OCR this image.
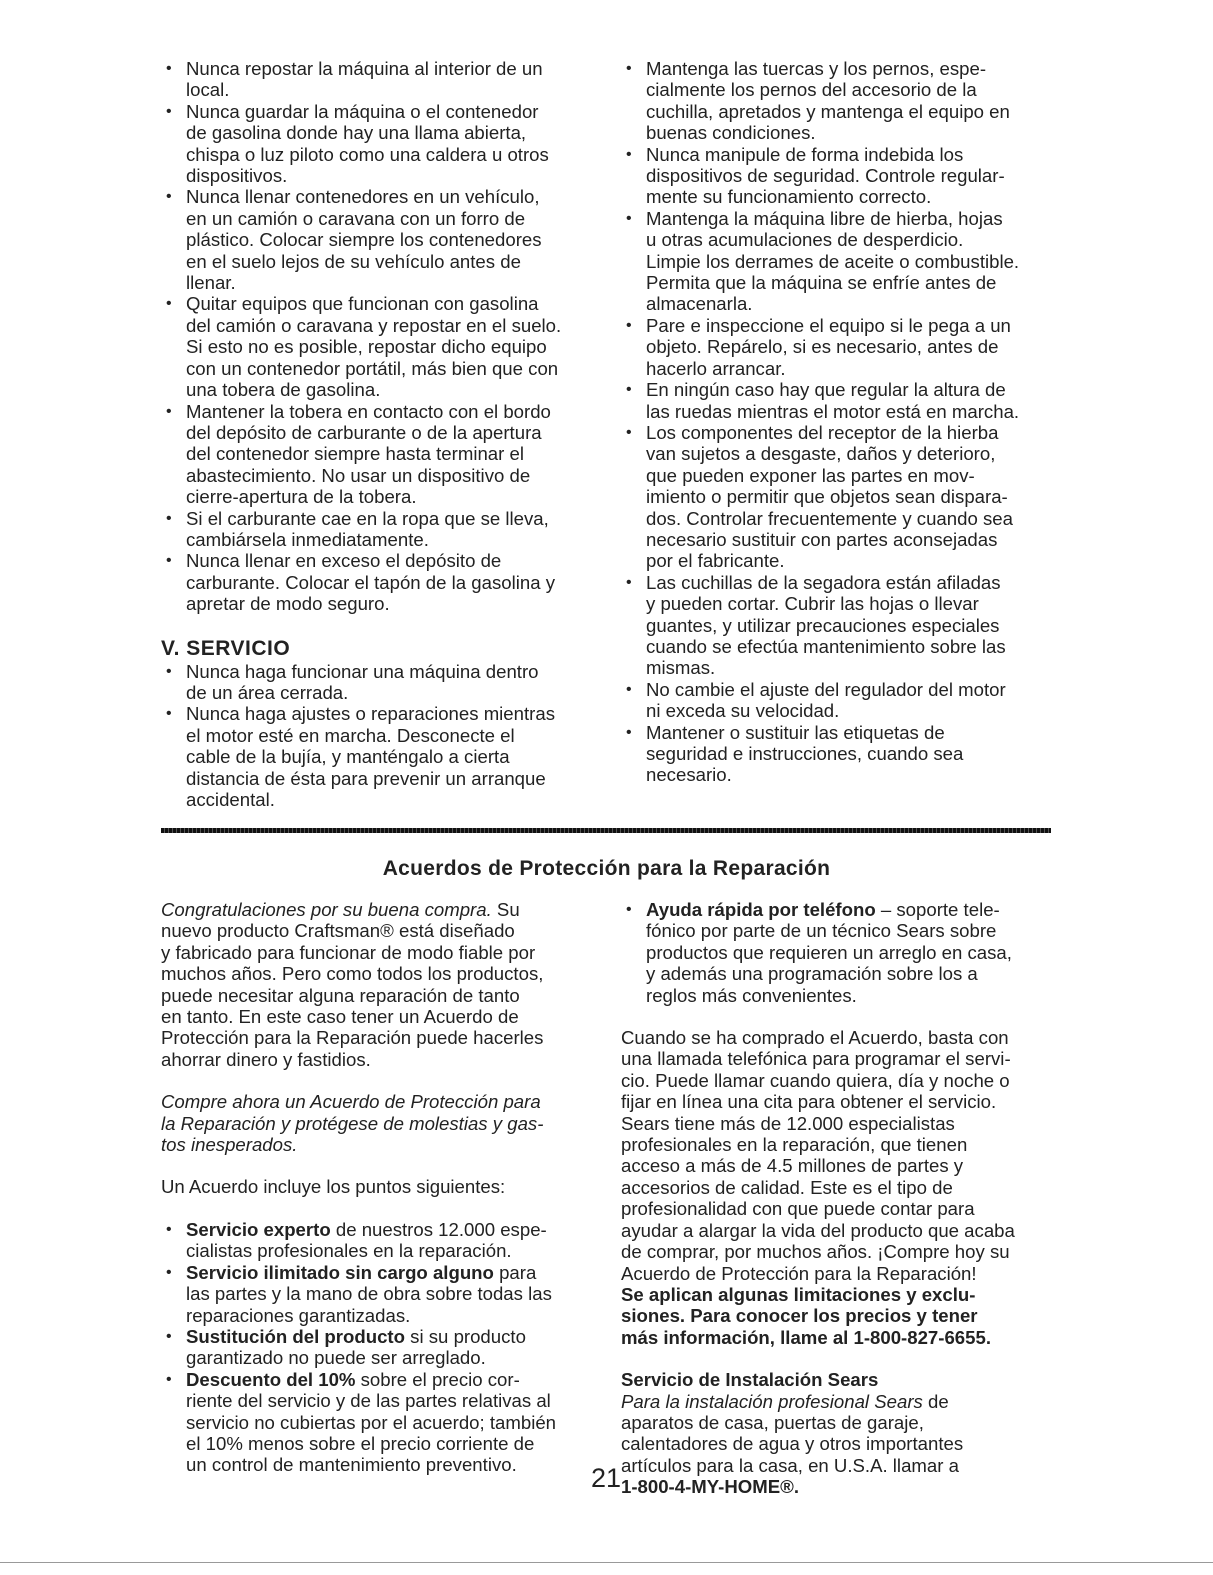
• Nunca repostar la máquina al interior de un
local.
• Nunca guardar la máquina o el contenedor
de gasolina donde hay una llama abierta,
chispa o luz piloto como una caldera u otros
dispositivos.
• Nunca llenar contenedores en un vehículo,
en un camión o caravana con un forro de
plástico. Colocar siempre los contenedores
en el suelo lejos de su vehículo antes de
llenar.
• Quitar equipos que funcionan con gasolina
del camión o caravana y repostar en el suelo.
Si esto no es posible, repostar dicho equipo
con un contenedor portátil, más bien que con
una tobera de gasolina.
• Mantener la tobera en contacto con el bordo
del depósito de carburante o de la apertura
del contenedor siempre hasta terminar el
abastecimiento. No usar un dispositivo de
cierre-apertura de la tobera.
• Si el carburante cae en la ropa que se lleva,
cambiársela inmediatamente.
• Nunca llenar en exceso el depósito de
carburante. Colocar el tapón de la gasolina y
apretar de modo seguro.
V. SERVICIO
• Nunca haga funcionar una máquina dentro
de un área cerrada.
• Nunca haga ajustes o reparaciones mientras
el motor esté en marcha. Desconecte el
cable de la bujía, y manténgalo a cierta
distancia de ésta para prevenir un arranque
accidental.
• Mantenga las tuercas y los pernos, espe-
cialmente los pernos del accesorio de la
cuchilla, apretados y mantenga el equipo en
buenas condiciones.
• Nunca manipule de forma indebida los
dispositivos de seguridad. Controle regular-
mente su funcionamiento correcto.
• Mantenga la máquina libre de hierba, hojas
u otras acumulaciones de desperdicio.
Limpie los derrames de aceite o combustible.
Permita que la máquina se enfríe antes de
almacenarla.
• Pare e inspeccione el equipo si le pega a un
objeto. Repárelo, si es necesario, antes de
hacerlo arrancar.
• En ningún caso hay que regular la altura de
las ruedas mientras el motor está en marcha.
• Los componentes del receptor de la hierba
van sujetos a desgaste, daños y deterioro,
que pueden exponer las partes en mov-
imiento o permitir que objetos sean dispara-
dos. Controlar frecuentemente y cuando sea
necesario sustituir con partes aconsejadas
por el fabricante.
• Las cuchillas de la segadora están afiladas
y pueden cortar. Cubrir las hojas o llevar
guantes, y utilizar precauciones especiales
cuando se efectúa mantenimiento sobre las
mismas.
• No cambie el ajuste del regulador del motor
ni exceda su velocidad.
• Mantener o sustituir las etiquetas de
seguridad e instrucciones, cuando sea
necesario.
Acuerdos de Protección para la Reparación

Congratulaciones por su buena compra. Su
nuevo producto Craftsman® está diseñado
y fabricado para funcionar de modo fiable por
muchos años. Pero como todos los productos,
puede necesitar alguna reparación de tanto
en tanto. En este caso tener un Acuerdo de
Protección para la Reparación puede hacerles
ahorrar dinero y fastidios.

Compre ahora un Acuerdo de Protección para
la Reparación y protégese de molestias y gas-
tos inesperados.

Un Acuerdo incluye los puntos siguientes:

• Servicio experto de nuestros 12.000 espe-
cialistas profesionales en la reparación.
• Servicio ilimitado sin cargo alguno para
las partes y la mano de obra sobre todas las
reparaciones garantizadas.
• Sustitución del producto si su producto
garantizado no puede ser arreglado.
• Descuento del 10% sobre el precio cor-
riente del servicio y de las partes relativas al
servicio no cubiertas por el acuerdo; también
el 10% menos sobre el precio corriente de
un control de mantenimiento preventivo.
• Ayuda rápida por teléfono – soporte tele-
fónico por parte de un técnico Sears sobre
productos que requieren un arreglo en casa,
y además una programación sobre los a
reglos más convenientes.

Cuando se ha comprado el Acuerdo, basta con
una llamada telefónica para programar el servi-
cio. Puede llamar cuando quiera, día y noche o
fijar en línea una cita para obtener el servicio.
Sears tiene más de 12.000 especialistas
profesionales en la reparación, que tienen
acceso a más de 4.5 millones de partes y
accesorios de calidad. Este es el tipo de
profesionalidad con que puede contar para
ayudar a alargar la vida del producto que acaba
de comprar, por muchos años. ¡Compre hoy su
Acuerdo de Protección para la Reparación!

Se aplican algunas limitaciones y exclu-
siones. Para conocer los precios y tener
más información, llame al 1-800-827-6655.

Servicio de Instalación Sears

Para la instalación profesional Sears de
aparatos de casa, puertas de garaje,
calentadores de agua y otros importantes
artículos para la casa, en U.S.A. llamar a
1-800-4-MY-HOME®.

21
